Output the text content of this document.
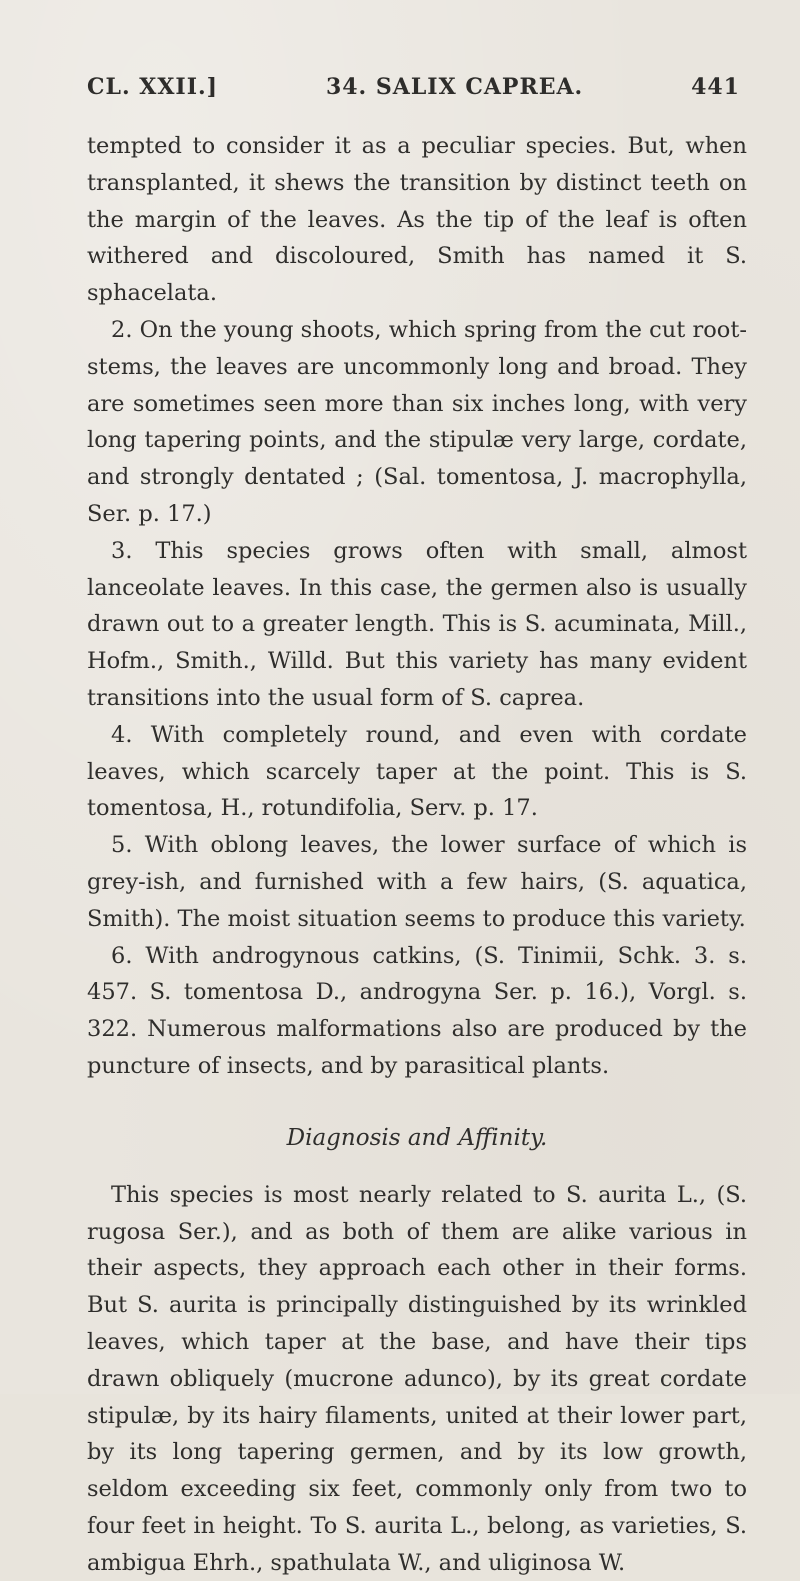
CL. XXII.]	34. SALIX CAPREA.	441

tempted to consider it as a peculiar species. But, when transplanted, it shews the transition by distinct teeth on the margin of the leaves. As the tip of the leaf is often withered and discoloured, Smith has named it S. sphacelata.

2. On the young shoots, which spring from the cut root-stems, the leaves are uncommonly long and broad. They are sometimes seen more than six inches long, with very long tapering points, and the stipulæ very large, cordate, and strongly dentated ; (Sal. tomentosa, J. macrophylla, Ser. p. 17.)

3. This species grows often with small, almost lanceolate leaves. In this case, the germen also is usually drawn out to a greater length. This is S. acuminata, Mill., Hofm., Smith., Willd. But this variety has many evident transitions into the usual form of S. caprea.

4. With completely round, and even with cordate leaves, which scarcely taper at the point. This is S. tomentosa, H., rotundifolia, Serv. p. 17.

5. With oblong leaves, the lower surface of which is grey-ish, and furnished with a few hairs, (S. aquatica, Smith). The moist situation seems to produce this variety.

6. With androgynous catkins, (S. Tinimii, Schk. 3. s. 457. S. tomentosa D., androgyna Ser. p. 16.), Vorgl. s. 322. Numerous malformations also are produced by the puncture of insects, and by parasitical plants.

Diagnosis and Affinity.

This species is most nearly related to S. aurita L., (S. rugosa Ser.), and as both of them are alike various in their aspects, they approach each other in their forms. But S. aurita is principally distinguished by its wrinkled leaves, which taper at the base, and have their tips drawn obliquely (mucrone adunco), by its great cordate stipulæ, by its hairy filaments, united at their lower part, by its long tapering germen, and by its low growth, seldom exceeding six feet, commonly only from two to four feet in height. To S. aurita L., belong, as varieties, S. ambigua Ehrh., spathulata W., and uliginosa W.
